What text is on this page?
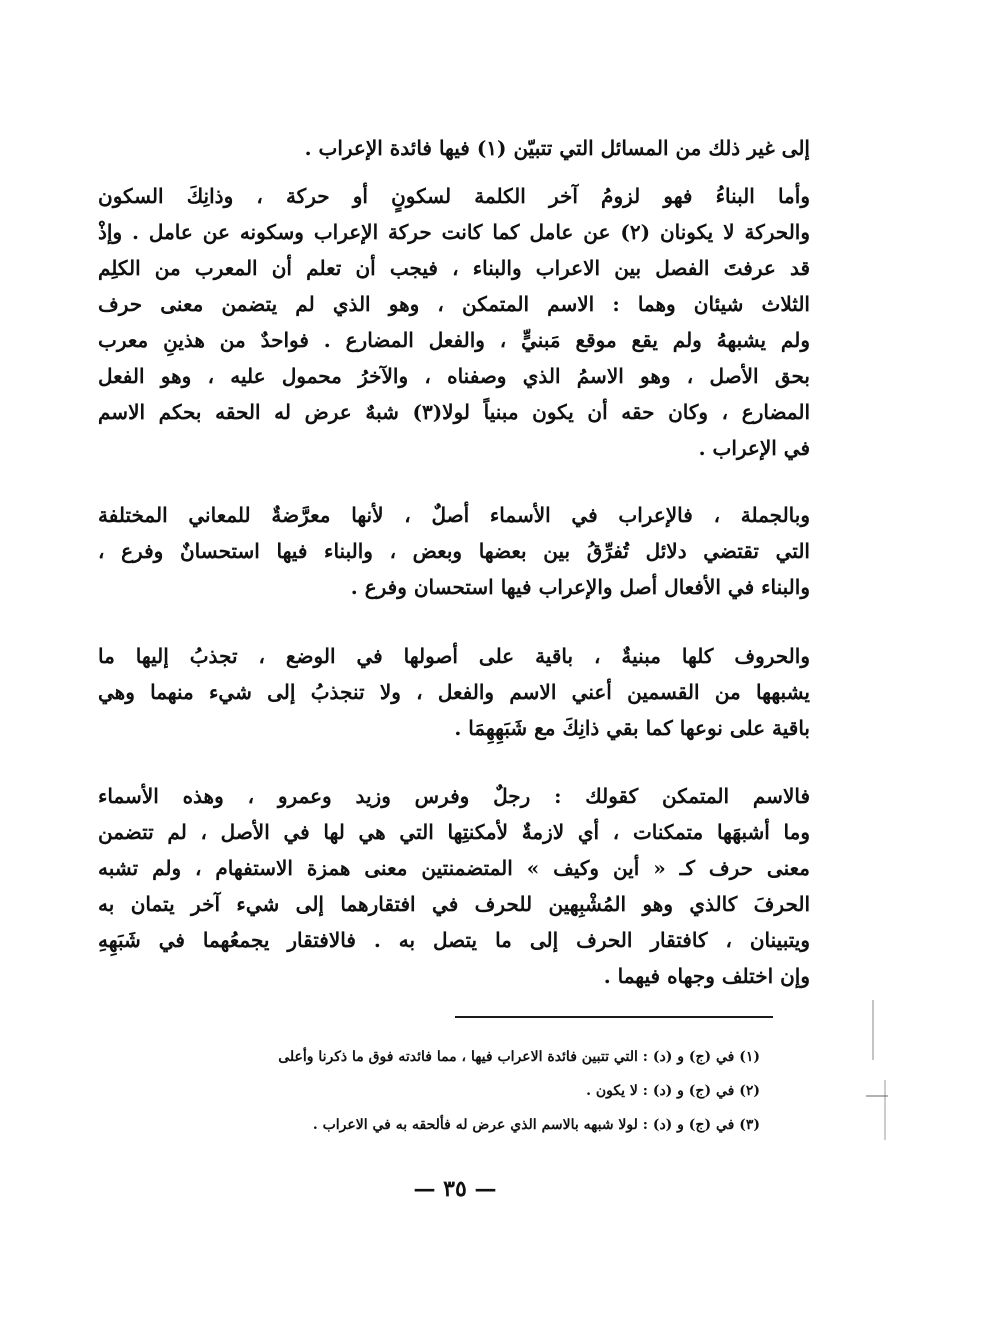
إلى غير ذلك من المسائل التي تتبيّن (١) فيها فائدة الإعراب .
وأما البناءُ فهو لزومُ آخر الكلمة لسكونٍ أو حركة ، وذانِكَ السكون
والحركة لا يكونان (٢) عن عامل كما كانت حركة الإعراب وسكونه عن عامل . وإذْ
قد عرفتَ الفصل بين الاعراب والبناء ، فيجب أن تعلم أن المعرب من الكلِم
الثلاث شيئان وهما : الاسم المتمكن ، وهو الذي لم يتضمن معنى حرف
ولم يشبههُ ولم يقع موقع مَبنيٍّ ، والفعل المضارع . فواحدٌ من هذينِ معرب
بحق الأصل ، وهو الاسمُ الذي وصفناه ، والآخرُ محمول عليه ، وهو الفعل
المضارع ، وكان حقه أن يكون مبنياً لولا(٣) شبهٌ عرض له الحقه بحكم الاسم
في الإعراب .
وبالجملة ، فالإعراب في الأسماء أصلٌ ، لأنها معرَّضةٌ للمعاني المختلفة
التي تقتضي دلائل تُفرِّقُ بين بعضها وبعض ، والبناء فيها استحسانٌ وفرع ،
والبناء في الأفعال أصل والإعراب فيها استحسان وفرع .
والحروف كلها مبنيةٌ ، باقية على أصولها في الوضع ، تجذبُ إليها ما
يشبهها من القسمين أعني الاسم والفعل ، ولا تنجذبُ إلى شيء منهما وهي
باقية على نوعها كما بقي ذانِكَ مع شَبَهِهِمَا .
فالاسم المتمكن كقولك : رجلٌ وفرس وزيد وعمرو ، وهذه الأسماء
وما أشبهَها متمكنات ، أي لازمةٌ لأمكنتِها التي هي لها في الأصل ، لم تتضمن
معنى حرف كـ « أين وكيف » المتضمنتين معنى همزة الاستفهام ، ولم تشبه
الحرفَ كالذي وهو المُشْبِهين للحرف في افتقارهما إلى شيء آخر يتمان به
ويتبينان ، كافتقار الحرف إلى ما يتصل به . فالافتقار يجمعُهما في شَبَهِهِ
وإن اختلف وجهاه فيهما .
(١) في (ج) و (د) : التي تتبين فائدة الاعراب فيها ، مما فائدته فوق ما ذكرنا وأعلى
(٢) في (ج) و (د) : لا يكون .
(٣) في (ج) و (د) : لولا شبهه بالاسم الذي عرض له فألحقه به في الاعراب .
— ٣٥ —
